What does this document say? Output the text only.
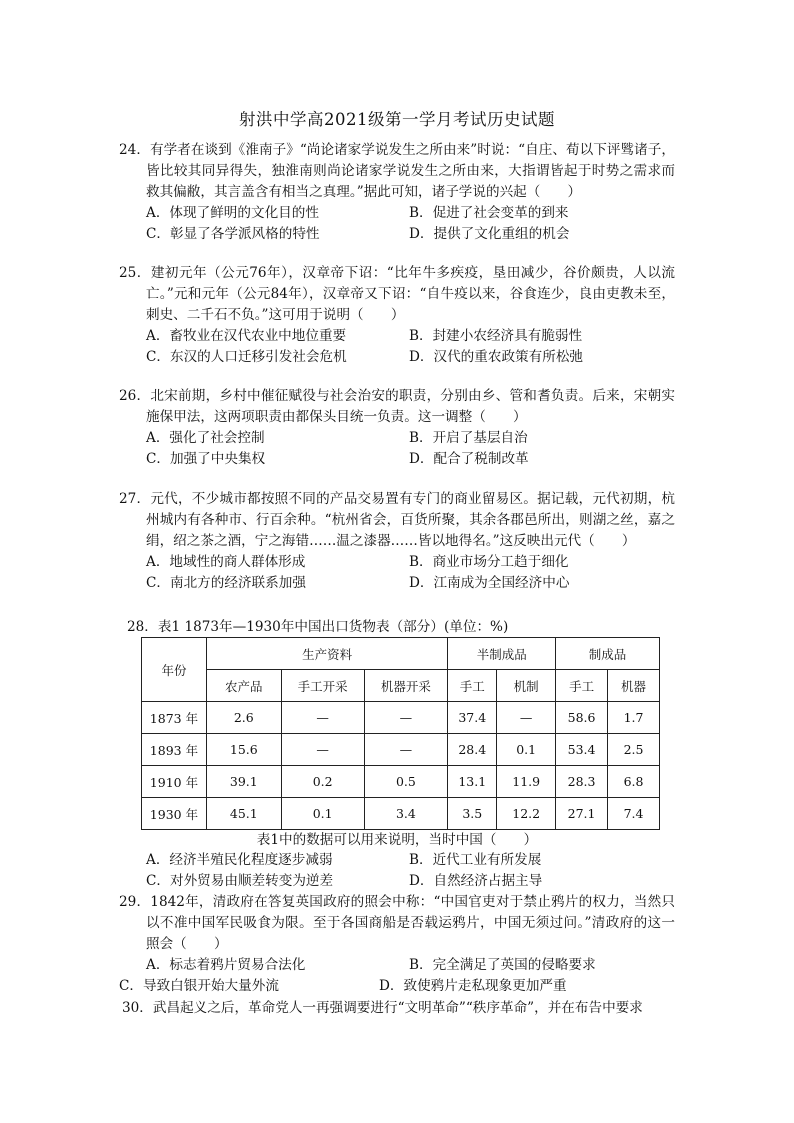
射洪中学高2021级第一学月考试历史试题

24．有学者在谈到《淮南子》“尚论诸家学说发生之所由来”时说：“自庄、荀以下评骘诸子，皆比较其同异得失，独淮南则尚论诸家学说发生之所由来，大指谓皆起于时势之需求而救其偏敝，其言盖含有相当之真理。”据此可知，诸子学说的兴起（　　）

A．体现了鲜明的文化目的性	B．促进了社会变革的到来
C．彰显了各学派风格的特性	D．提供了文化重组的机会

25．建初元年（公元76年），汉章帝下诏：“比年牛多疾疫，垦田减少，谷价颇贵，人以流亡。”元和元年（公元84年），汉章帝又下诏：“自牛疫以来，谷食连少，良由吏教未至，刺史、二千石不负。”这可用于说明（　　）

A．畜牧业在汉代农业中地位重要	B．封建小农经济具有脆弱性
C．东汉的人口迁移引发社会危机	D．汉代的重农政策有所松弛

26．北宋前期，乡村中催征赋役与社会治安的职责，分别由乡、管和耆负责。后来，宋朝实施保甲法，这两项职责由都保头目统一负责。这一调整（　　）

A．强化了社会控制	B．开启了基层自治
C．加强了中央集权	D．配合了税制改革

27．元代，不少城市都按照不同的产品交易置有专门的商业留易区。据记载，元代初期，杭州城内有各种市、行百余种。“杭州省会，百货所聚，其余各郡邑所出，则湖之丝，嘉之绢，绍之茶之酒，宁之海错……温之漆器……皆以地得名。”这反映出元代（　　）

A．地域性的商人群体形成	B．商业市场分工趋于细化
C．南北方的经济联系加强	D．江南成为全国经济中心
28．表1 1873年—1930年中国出口货物表（部分）(单位：%)
年份	生产资料			半制成品		制成品	
	农产品	手工开采	机器开采	手工	机制	手工	机器
1873 年	2.6	—	—	37.4	—	58.6	1.7
1893 年	15.6	—	—	28.4	0.1	53.4	2.5
1910 年	39.1	0.2	0.5	13.1	11.9	28.3	6.8
1930 年	45.1	0.1	3.4	3.5	12.2	27.1	7.4
表1中的数据可以用来说明，当时中国（　　）
A．经济半殖民化程度逐步减弱	B．近代工业有所发展
C．对外贸易由顺差转变为逆差	D．自然经济占据主导

29．1842年，清政府在答复英国政府的照会中称：“中国官吏对于禁止鸦片的权力，当然只以不准中国军民吸食为限。至于各国商船是否载运鸦片，中国无须过问。”清政府的这一照会（　　）

A．标志着鸦片贸易合法化	B．完全满足了英国的侵略要求
C．导致白银开始大量外流	D．致使鸦片走私现象更加严重

30．武昌起义之后，革命党人一再强调要进行“文明革命”“秩序革命”，并在布告中要求
